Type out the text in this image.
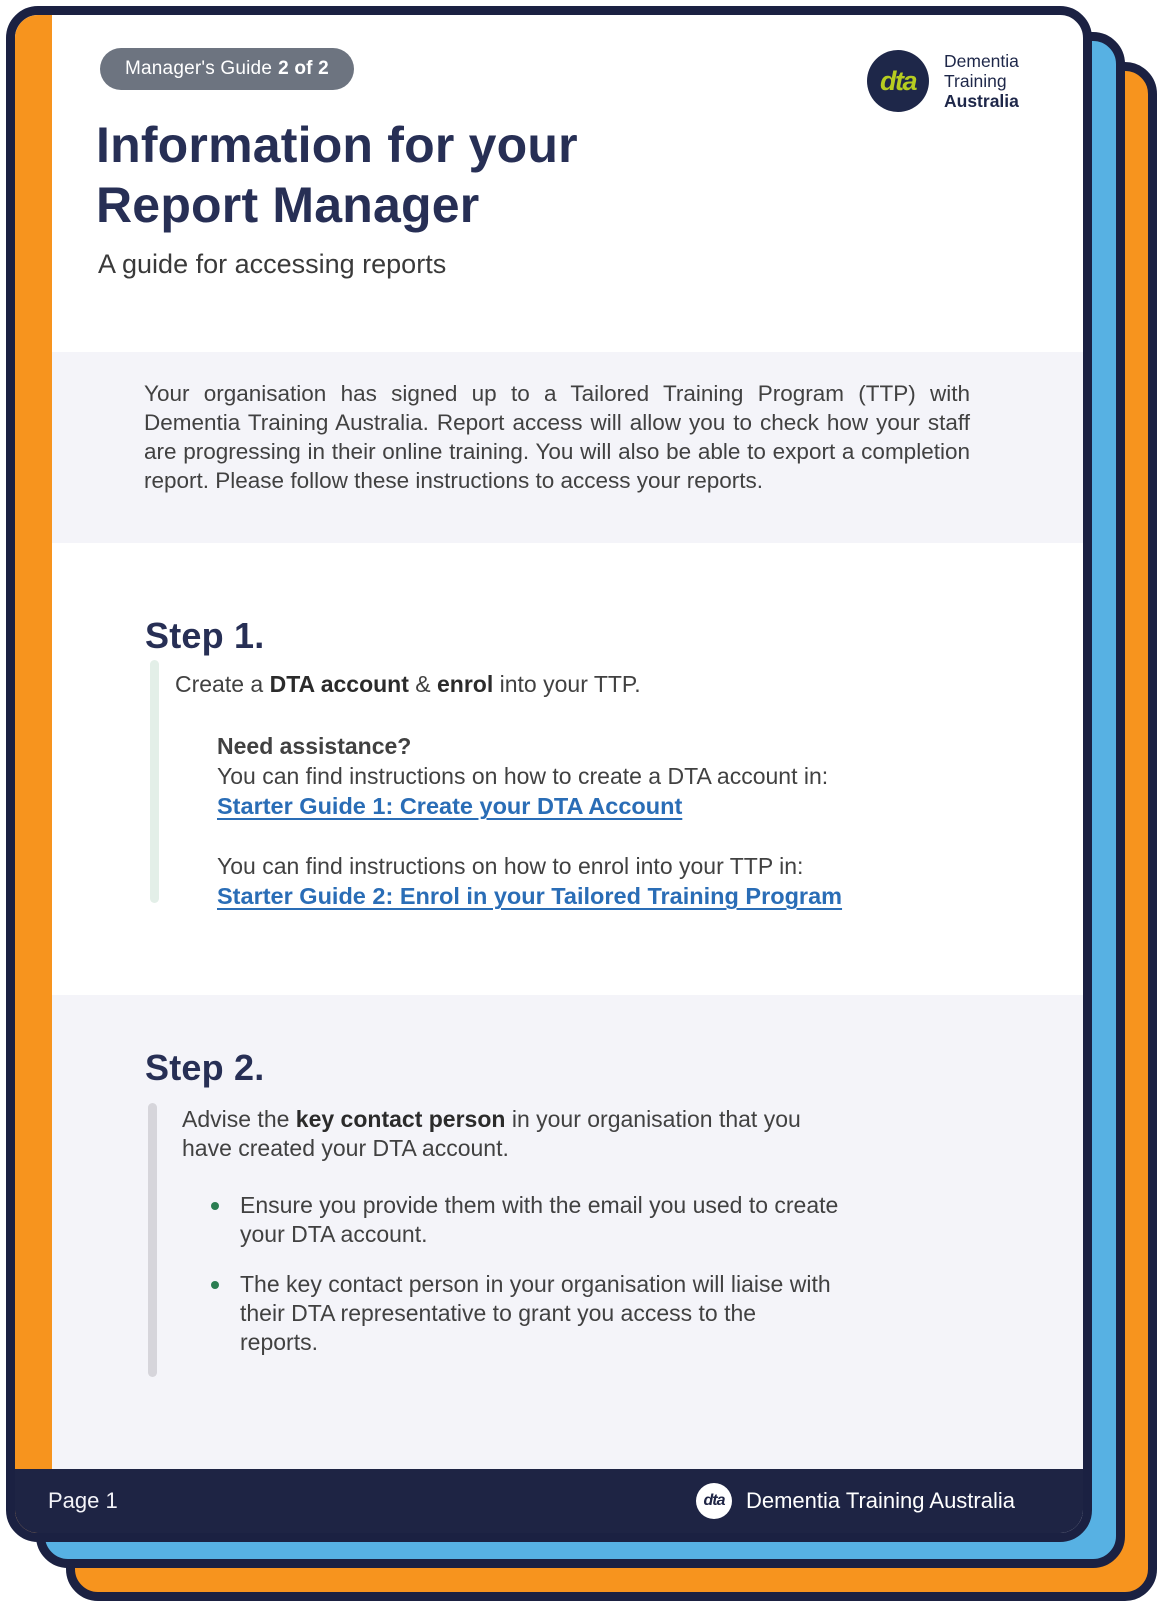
Manager's Guide 2 of 2	dta
Dementia
Training
Australia
Information for your
Report Manager
A guide for accessing reports

Your organisation has signed up to a Tailored Training Program (TTP) with Dementia Training Australia. Report access will allow you to check how your staff are progressing in their online training. You will also be able to export a completion report. Please follow these instructions to access your reports.

Step 1.

Create a DTA account & enrol into your TTP.

Need assistance?

You can find instructions on how to create a DTA account in:

Starter Guide 1: Create your DTA Account

You can find instructions on how to enrol into your TTP in:

Starter Guide 2: Enrol in your Tailored Training Program
Step 2.

Advise the key contact person in your organisation that you have created your DTA account.

Ensure you provide them with the email you used to create your DTA account.
The key contact person in your organisation will liaise with their DTA representative to grant you access to the reports.
Page 1	dta Dementia Training Australia
